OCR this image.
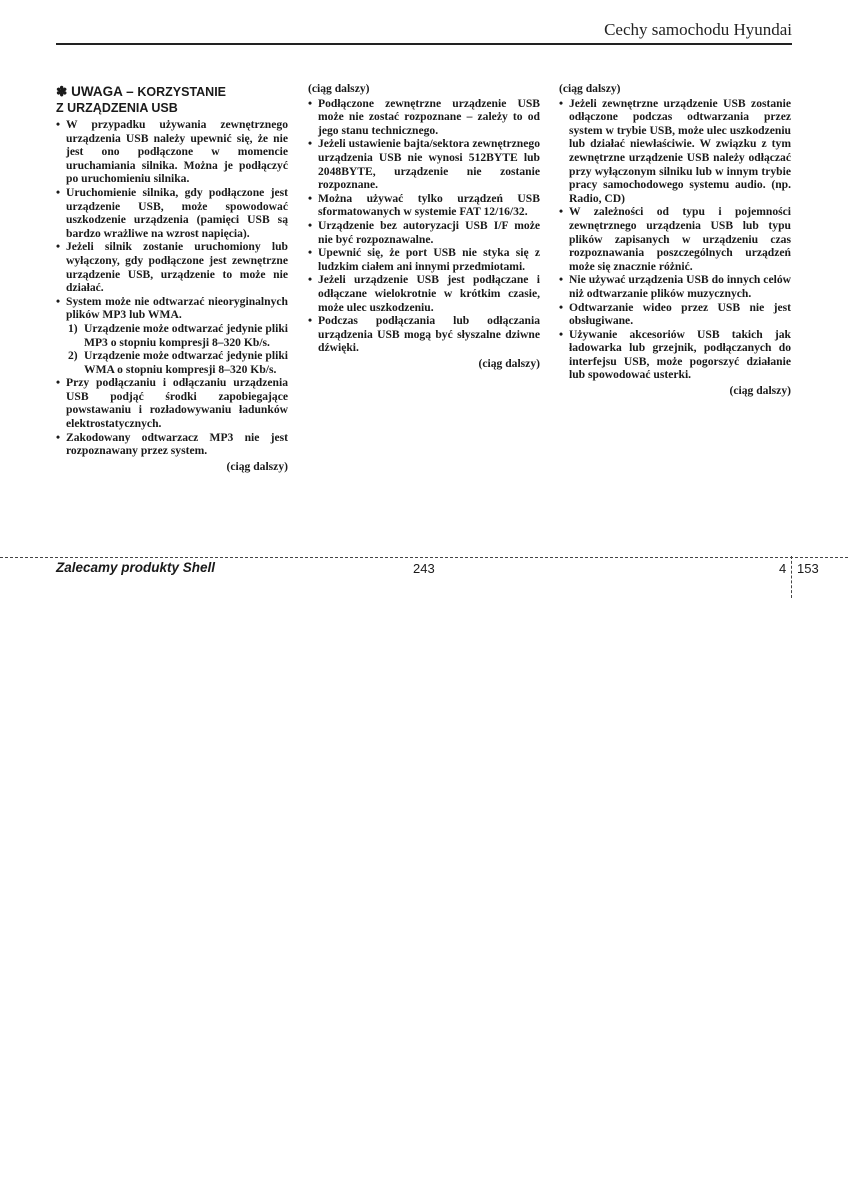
Cechy samochodu Hyundai
✽ UWAGA – KORZYSTANIE
Z URZĄDZENIA USB
• W przypadku używania zewnętrznego urządzenia USB należy upewnić się, że nie jest ono podłączone w momencie uruchamiania silnika. Można je podłączyć po uruchomieniu silnika.
• Uruchomienie silnika, gdy podłączone jest urządzenie USB, może spowodować uszkodzenie urządzenia (pamięci USB są bardzo wrażliwe na wzrost napięcia).
• Jeżeli silnik zostanie uruchomiony lub wyłączony, gdy podłączone jest zewnętrzne urządzenie USB, urządzenie to może nie działać.
• System może nie odtwarzać nieoryginalnych plików MP3 lub WMA.
1) Urządzenie może odtwarzać jedynie pliki MP3 o stopniu kompresji 8–320 Kb/s.
2) Urządzenie może odtwarzać jedynie pliki WMA o stopniu kompresji 8–320 Kb/s.
• Przy podłączaniu i odłączaniu urządzenia USB podjąć środki zapobiegające powstawaniu i rozładowywaniu ładunków elektrostatycznych.
• Zakodowany odtwarzacz MP3 nie jest rozpoznawany przez system.
(ciąg dalszy)
(ciąg dalszy)
• Podłączone zewnętrzne urządzenie USB może nie zostać rozpoznane – zależy to od jego stanu technicznego.
• Jeżeli ustawienie bajta/sektora zewnętrznego urządzenia USB nie wynosi 512BYTE lub 2048BYTE, urządzenie nie zostanie rozpoznane.
• Można używać tylko urządzeń USB sformatowanych w systemie FAT 12/16/32.
• Urządzenie bez autoryzacji USB I/F może nie być rozpoznawalne.
• Upewnić się, że port USB nie styka się z ludzkim ciałem ani innymi przedmiotami.
• Jeżeli urządzenie USB jest podłączane i odłączane wielokrotnie w krótkim czasie, może ulec uszkodzeniu.
• Podczas podłączania lub odłączania urządzenia USB mogą być słyszalne dziwne dźwięki.
(ciąg dalszy)
(ciąg dalszy)
• Jeżeli zewnętrzne urządzenie USB zostanie odłączone podczas odtwarzania przez system w trybie USB, może ulec uszkodzeniu lub działać niewłaściwie. W związku z tym zewnętrzne urządzenie USB należy odłączać przy wyłączonym silniku lub w innym trybie pracy samochodowego systemu audio. (np. Radio, CD)
• W zależności od typu i pojemności zewnętrznego urządzenia USB lub typu plików zapisanych w urządzeniu czas rozpoznawania poszczególnych urządzeń może się znacznie różnić.
• Nie używać urządzenia USB do innych celów niż odtwarzanie plików muzycznych.
• Odtwarzanie wideo przez USB nie jest obsługiwane.
• Używanie akcesoriów USB takich jak ładowarka lub grzejnik, podłączanych do interfejsu USB, może pogorszyć działanie lub spowodować usterki.
(ciąg dalszy)
Zalecamy produkty Shell	243	4 153
